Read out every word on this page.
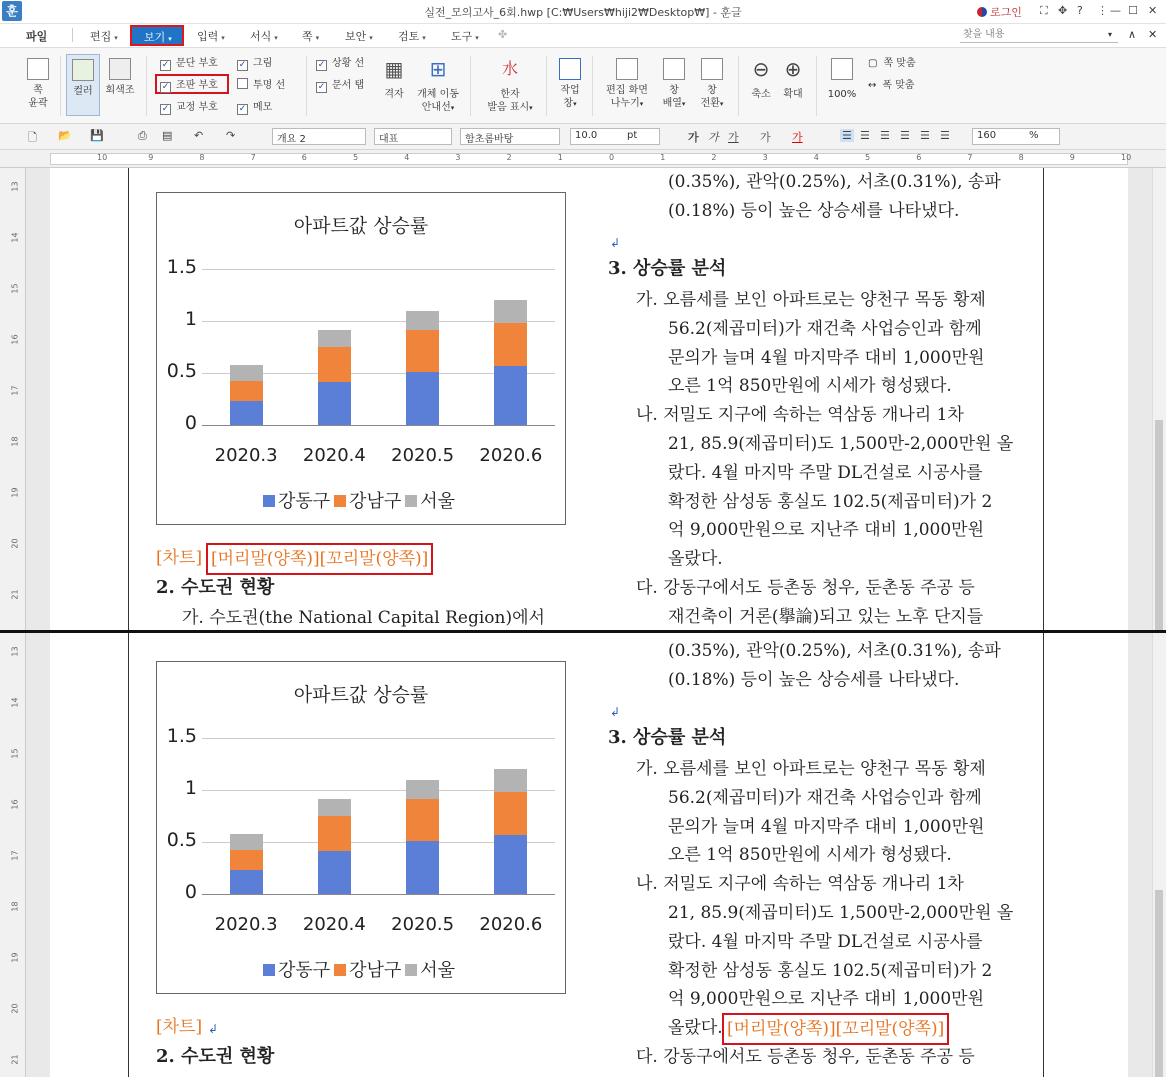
훈	실전_모의고사_6회.hwp [C:₩Users₩hiji2₩Desktop₩] - 훈글	로그인 ⛶ ✥ ? ⋮ — ☐ ✕
파일	편집 ▾	보기 ▾	입력 ▾ 서식 ▾ 쪽 ▾ 보안 ▾ 검토 ▾ 도구 ▾ ✤
찾을 내용	▾ ∧ ✕
쪽
윤곽
컬러	회색조
✓ 문단 부호
✓ 조판 부호
✓ 교정 부호
✓ 그림
투명 선
✓ 메모
✓ 상황 선
✓ 문서 탭
▦
격자
⊞
개체 이동
안내선▾
水
한자
발음 표시▾
작업
창▾
편집 화면
나누기▾
창
배열▾
창
전환▾
⊖
축소
⊕
확대	100%
▢ 쪽 맞춤
↔ 폭 맞춤
🗋 📂 💾	⎙ ▤ ↶ ↷	개요 2	대표	함초롬바탕	10.0	pt	가 가 가 가 가	☰ ☰ ☰ ☰ ☰ ☰	160	%
10	9	8	7	6	5	4	3	2	1	0	1	2	3	4	5	6	7	8	9	10
13
14
15
16
17
18
19
20
21
아파트값 상승률
1.5
1
0.5
0
2020.3 2020.4 2020.5 2020.6
강동구 강남구 서울
[차트] [머리말(양쪽)][꼬리말(양쪽)]
2. 수도권 현황
가. 수도권(the National Capital Region)에서
(0.35%), 관악(0.25%), 서초(0.31%), 송파
(0.18%) 등이 높은 상승세를 나타냈다.
↲
3. 상승률 분석
가. 오름세를 보인 아파트로는 양천구 목동 황제
56.2(제곱미터)가 재건축 사업승인과 함께
문의가 늘며 4월 마지막주 대비 1,000만원
오른 1억 850만원에 시세가 형성됐다.
나. 저밀도 지구에 속하는 역삼동 개나리 1차
21, 85.9(제곱미터)도 1,500만-2,000만원 올
랐다. 4월 마지막 주말 DL건설로 시공사를
확정한 삼성동 홍실도 102.5(제곱미터)가 2
억 9,000만원으로 지난주 대비 1,000만원
올랐다.
다. 강동구에서도 등촌동 청우, 둔촌동 주공 등
재건축이 거론(擧論)되고 있는 노후 단지들
13
14
15
16
17
18
19
20
21
아파트값 상승률
1.5
1
0.5
0
2020.3 2020.4 2020.5 2020.6
강동구 강남구 서울
[차트] ↲
2. 수도권 현황
(0.35%), 관악(0.25%), 서초(0.31%), 송파
(0.18%) 등이 높은 상승세를 나타냈다.
↲
3. 상승률 분석
가. 오름세를 보인 아파트로는 양천구 목동 황제
56.2(제곱미터)가 재건축 사업승인과 함께
문의가 늘며 4월 마지막주 대비 1,000만원
오른 1억 850만원에 시세가 형성됐다.
나. 저밀도 지구에 속하는 역삼동 개나리 1차
21, 85.9(제곱미터)도 1,500만-2,000만원 올
랐다. 4월 마지막 주말 DL건설로 시공사를
확정한 삼성동 홍실도 102.5(제곱미터)가 2
억 9,000만원으로 지난주 대비 1,000만원
올랐다. [머리말(양쪽)][꼬리말(양쪽)]
다. 강동구에서도 등촌동 청우, 둔촌동 주공 등
